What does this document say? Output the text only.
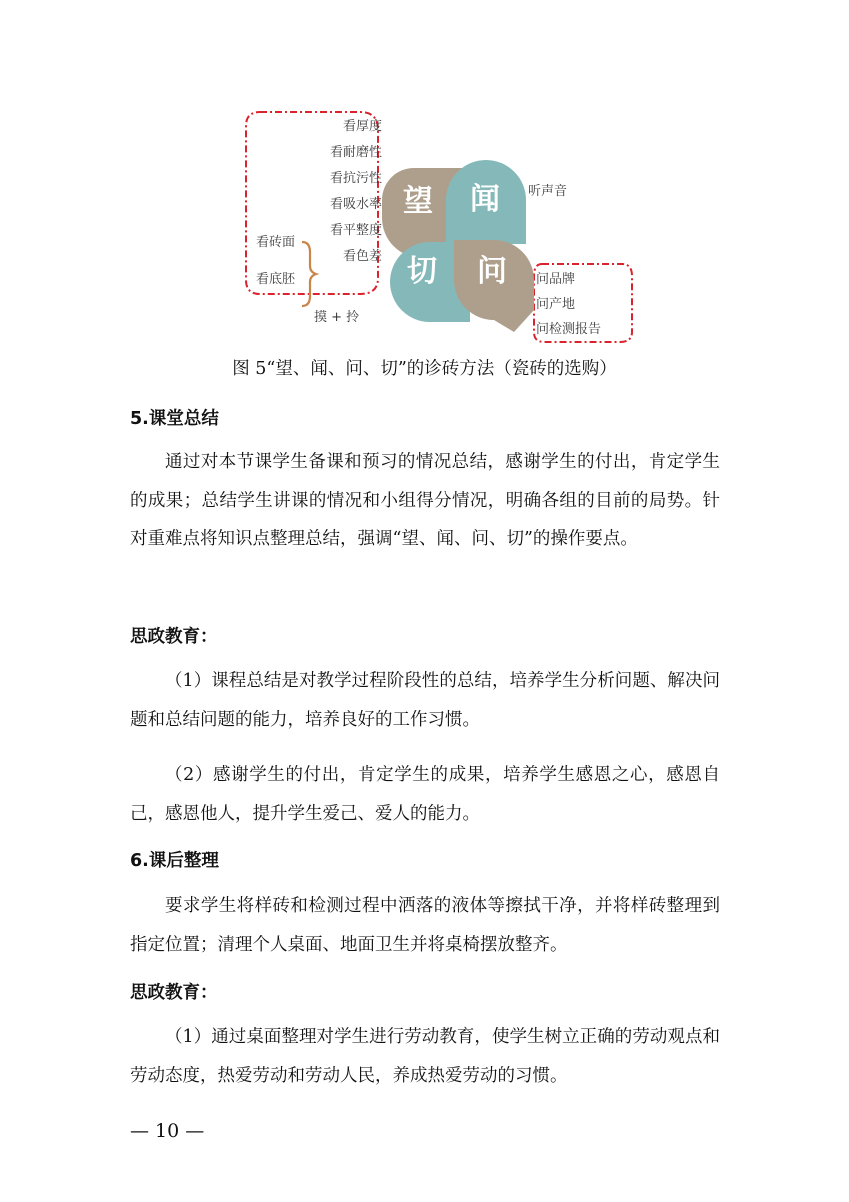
望	闻
切	问
看厚度
看耐磨性
看抗污性
看吸水率
看平整度
看色差
看砖面
看底胚
摸 + 拎
听声音
问品牌
问产地
问检测报告
图 5“望、闻、问、切”的诊砖方法（瓷砖的选购）
5.课堂总结

通过对本节课学生备课和预习的情况总结，感谢学生的付出，肯定学生的成果；总结学生讲课的情况和小组得分情况，明确各组的目前的局势。针对重难点将知识点整理总结，强调“望、闻、问、切”的操作要点。

思政教育：

（1）课程总结是对教学过程阶段性的总结，培养学生分析问题、解决问题和总结问题的能力，培养良好的工作习惯。

（2）感谢学生的付出，肯定学生的成果，培养学生感恩之心，感恩自己，感恩他人，提升学生爱己、爱人的能力。

6.课后整理

要求学生将样砖和检测过程中洒落的液体等擦拭干净，并将样砖整理到指定位置；清理个人桌面、地面卫生并将桌椅摆放整齐。

思政教育：

（1）通过桌面整理对学生进行劳动教育，使学生树立正确的劳动观点和劳动态度，热爱劳动和劳动人民，养成热爱劳动的习惯。

— 10 —
